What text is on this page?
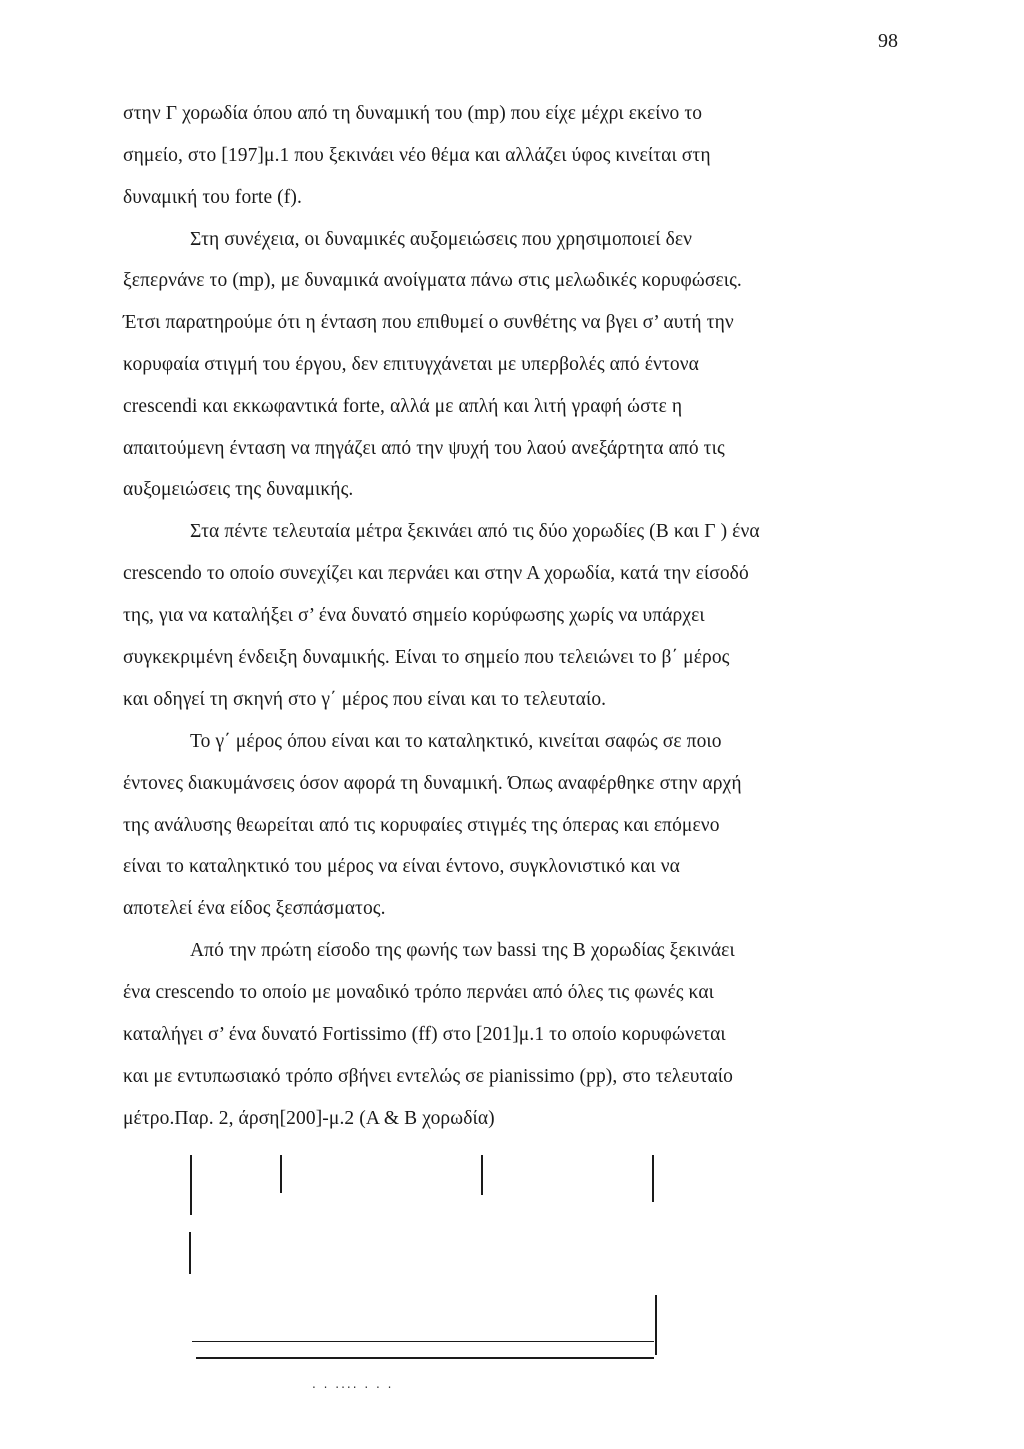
98
στην Γ χορωδία όπου από τη δυναμική του (mp) που είχε μέχρι εκείνο το
σημείο, στο [197]μ.1 που ξεκινάει νέο θέμα και αλλάζει ύφος κινείται στη
δυναμική του forte (f).
Στη συνέχεια, οι δυναμικές αυξομειώσεις που χρησιμοποιεί δεν
ξεπερνάνε το (mp), με δυναμικά ανοίγματα πάνω στις μελωδικές κορυφώσεις.
Έτσι παρατηρούμε ότι η ένταση που επιθυμεί ο συνθέτης να βγει σ’ αυτή την
κορυφαία στιγμή του έργου, δεν επιτυγχάνεται με υπερβολές από έντονα
crescendi και εκκωφαντικά forte, αλλά με απλή και λιτή γραφή ώστε η
απαιτούμενη ένταση να πηγάζει από την ψυχή του λαού ανεξάρτητα από τις
αυξομειώσεις της δυναμικής.
Στα πέντε τελευταία μέτρα ξεκινάει από τις δύο χορωδίες (Β και Γ ) ένα
crescendo το οποίο συνεχίζει και περνάει και στην Α χορωδία, κατά την είσοδό
της, για να καταλήξει σ’ ένα δυνατό σημείο κορύφωσης χωρίς να υπάρχει
συγκεκριμένη ένδειξη δυναμικής. Είναι το σημείο που τελειώνει το β΄ μέρος
και οδηγεί τη σκηνή στο γ΄ μέρος που είναι και το τελευταίο.
Το γ΄ μέρος όπου είναι και το καταληκτικό, κινείται σαφώς σε ποιο
έντονες διακυμάνσεις όσον αφορά τη δυναμική. Όπως αναφέρθηκε στην αρχή
της ανάλυσης θεωρείται από τις κορυφαίες στιγμές της όπερας και επόμενο
είναι το καταληκτικό του μέρος να είναι έντονο, συγκλονιστικό και να
αποτελεί ένα είδος ξεσπάσματος.
Από την πρώτη είσοδο της φωνής των bassi της Β χορωδίας ξεκινάει
ένα crescendo το οποίο με μοναδικό τρόπο περνάει από όλες τις φωνές και
καταλήγει σ’ ένα δυνατό Fortissimo (ff) στο [201]μ.1 το οποίο κορυφώνεται
και με εντυπωσιακό τρόπο σβήνει εντελώς σε pianissimo (pp), στο τελευταίο
μέτρο.Παρ. 2, άρση[200]-μ.2 (Α & Β χορωδία)
. . .... . . .
